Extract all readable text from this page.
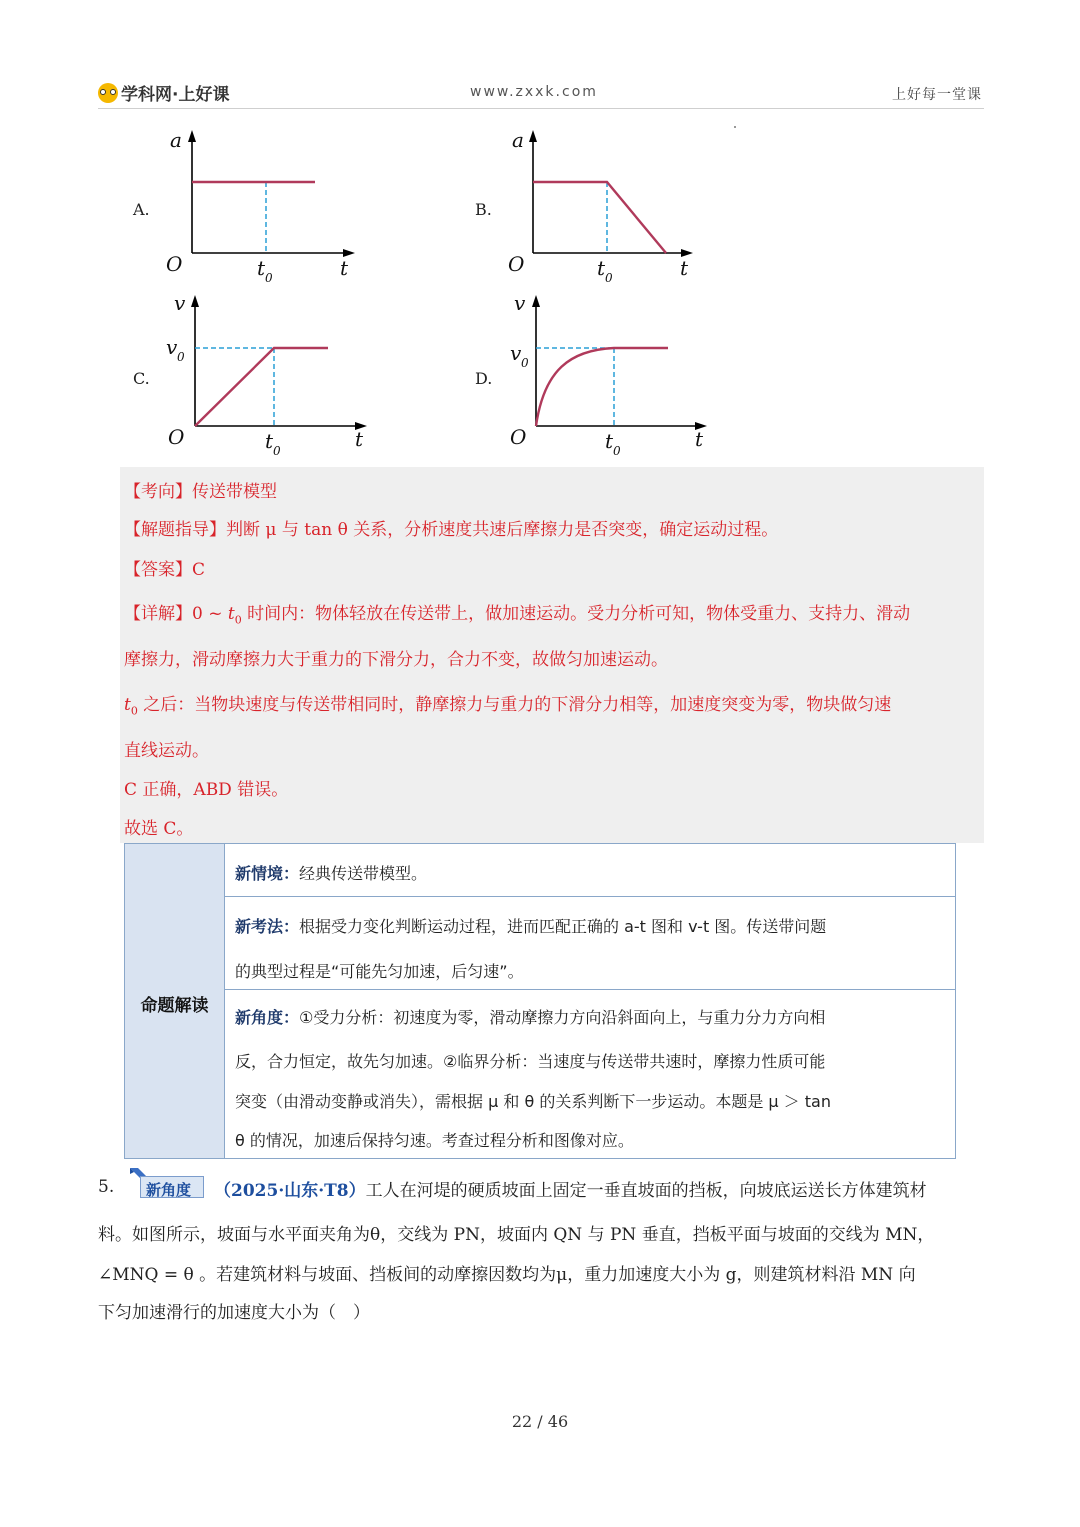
学科网·上好课	www.zxxk.com	上好每一堂课
A.	B.
C.	D.
a
O	t 0	t
a
O	t 0	t
v
v 0
O	t 0	t
v
v 0
O	t 0	t
【考向】传送带模型
【解题指导】判断 μ 与 tan θ 关系，分析速度共速后摩擦力是否突变，确定运动过程。
【答案】C
【详解】0 ~ $t_0$ 时间内：物体轻放在传送带上，做加速运动。受力分析可知，物体受重力、支持力、滑动
摩擦力，滑动摩擦力大于重力的下滑分力，合力不变，故做匀加速运动。
$t_0$ 之后：当物块速度与传送带相同时，静摩擦力与重力的下滑分力相等，加速度突变为零，物块做匀速
直线运动。
C 正确，ABD 错误。
故选 C。
命题解读
新情境：经典传送带模型。
新考法：根据受力变化判断运动过程，进而匹配正确的 a-t 图和 v-t 图。传送带问题
的典型过程是“可能先匀加速，后匀速”。
新角度：①受力分析：初速度为零，滑动摩擦力方向沿斜面向上，与重力分力方向相
反，合力恒定，故先匀加速。②临界分析：当速度与传送带共速时，摩擦力性质可能
突变（由滑动变静或消失），需根据 μ 和 θ 的关系判断下一步运动。本题是 μ ＞ tan
θ 的情况，加速后保持匀速。考查过程分析和图像对应。
5. 新角度 （2025·山东·T8）工人在河堤的硬质坡面上固定一垂直坡面的挡板，向坡底运送长方体建筑材
料。如图所示，坡面与水平面夹角为θ，交线为 PN，坡面内 QN 与 PN 垂直，挡板平面与坡面的交线为 MN，
∠MNQ = θ 。若建筑材料与坡面、挡板间的动摩擦因数均为μ，重力加速度大小为 g，则建筑材料沿 MN 向
下匀加速滑行的加速度大小为（　）
22 / 46
